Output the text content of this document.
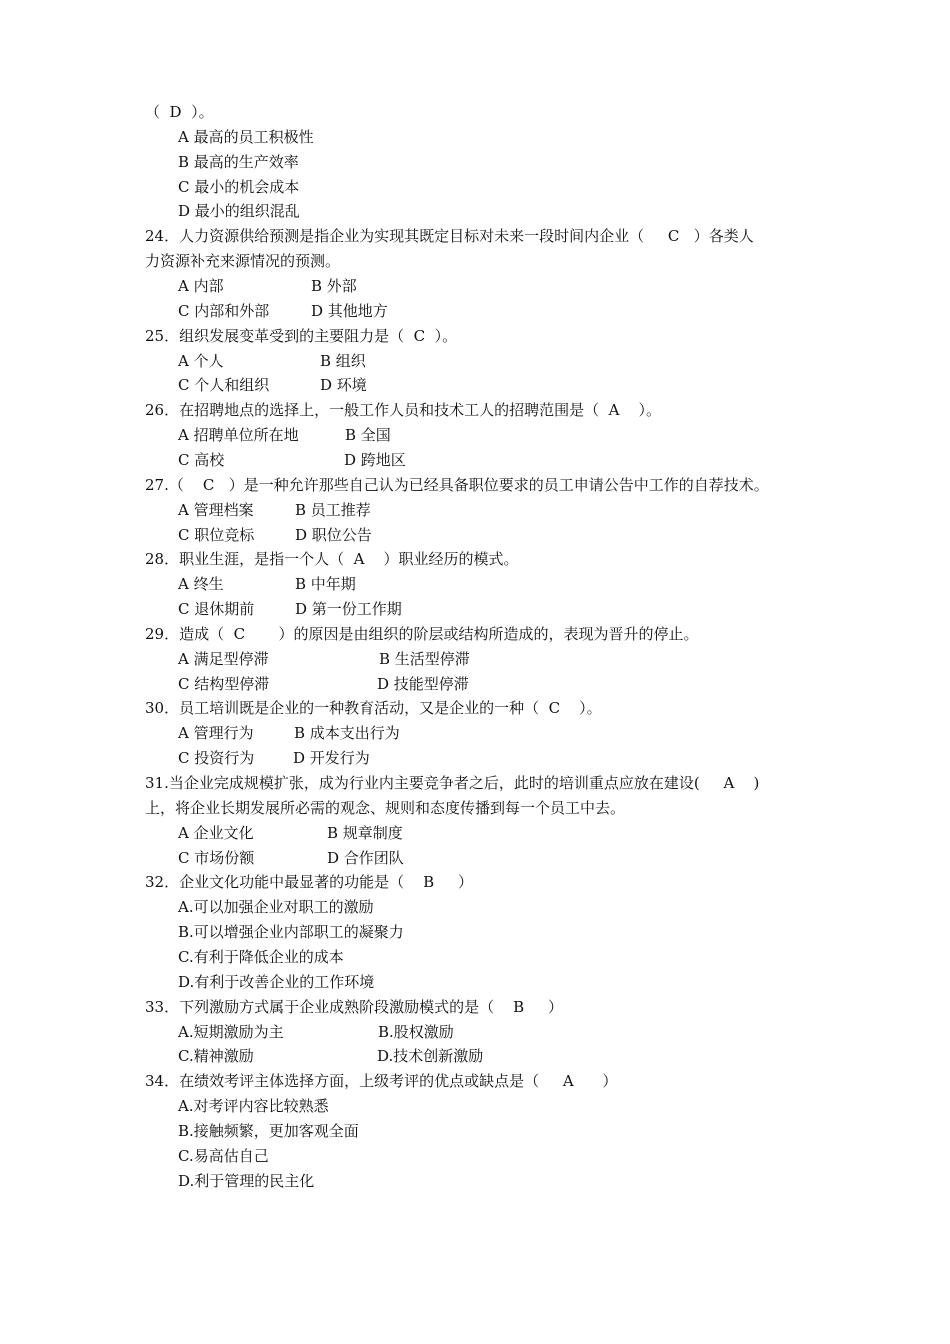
（  D  ）。
A 最高的员工积极性
B 最高的生产效率
C 最小的机会成本
D 最小的组织混乱
24．人力资源供给预测是指企业为实现其既定目标对未来一段时间内企业（     C   ）各类人
力资源补充来源情况的预测。
A 内部	B 外部
C 内部和外部	D 其他地方
25．组织发展变革受到的主要阻力是（  C  ）。
A 个人	B 组织
C 个人和组织	D 环境
26．在招聘地点的选择上，一般工作人员和技术工人的招聘范围是（  A    ）。
A 招聘单位所在地	B 全国
C 高校	D 跨地区
27.（    C   ）是一种允许那些自己认为已经具备职位要求的员工申请公告中工作的自荐技术。
A 管理档案	B 员工推荐
C 职位竞标	D 职位公告
28．职业生涯，是指一个人（  A    ）职业经历的模式。
A 终生	B 中年期
C 退休期前	D 第一份工作期
29．造成（  C       ）的原因是由组织的阶层或结构所造成的，表现为晋升的停止。
A 满足型停滞	B 生活型停滞
C 结构型停滞	D 技能型停滞
30．员工培训既是企业的一种教育活动，又是企业的一种（  C    ）。
A 管理行为	B 成本支出行为
C 投资行为	D 开发行为
31.当企业完成规模扩张，成为行业内主要竞争者之后，此时的培训重点应放在建设(     A    )
上，将企业长期发展所必需的观念、规则和态度传播到每一个员工中去。
A 企业文化	B 规章制度
C 市场份额	D 合作团队
32．企业文化功能中最显著的功能是（    B     ）
A.可以加强企业对职工的激励
B.可以增强企业内部职工的凝聚力
C.有利于降低企业的成本
D.有利于改善企业的工作环境
33．下列激励方式属于企业成熟阶段激励模式的是（    B     ）
A.短期激励为主	B.股权激励
C.精神激励	D.技术创新激励
34．在绩效考评主体选择方面，上级考评的优点或缺点是（     A      ）
A.对考评内容比较熟悉
B.接触频繁，更加客观全面
C.易高估自己
D.利于管理的民主化
